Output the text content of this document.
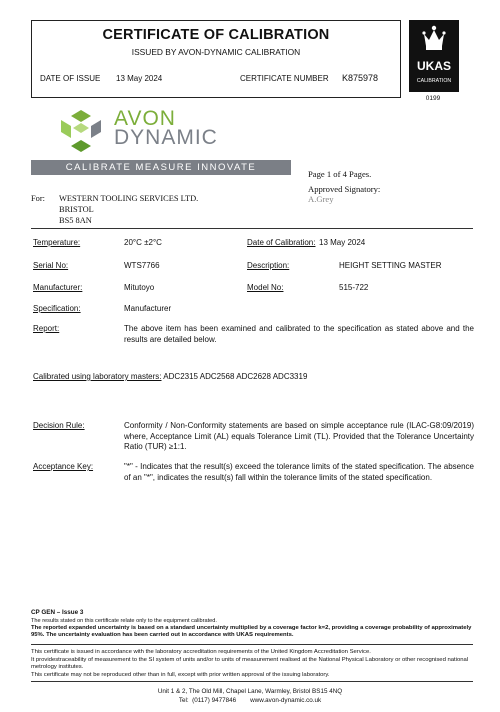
CERTIFICATE OF CALIBRATION
ISSUED BY AVON-DYNAMIC CALIBRATION
DATE OF ISSUE 13 May 2024	CERTIFICATE NUMBER K875978
UKAS
CALIBRATION
0199
AVON
DYNAMIC
CALIBRATE MEASURE INNOVATE
Page 1 of 4 Pages.
Approved Signatory:
A.Grey
For: WESTERN TOOLING SERVICES LTD.
BRISTOL
BS5 8AN
Temperature:	20°C ±2°C	Date of Calibration: 13 May 2024
Serial No:	WTS7766	Description:	HEIGHT SETTING MASTER
Manufacturer:	Mitutoyo	Model No:	515-722
Specification:	Manufacturer
Report:	The above item has been examined and calibrated to the specification as stated above and the results are detailed below.
Calibrated using laboratory masters: ADC2315 ADC2568 ADC2628 ADC3319
Decision Rule:	Conformity / Non-Conformity statements are based on simple acceptance rule (ILAC-G8:09/2019) where, Acceptance Limit (AL) equals Tolerance Limit (TL). Provided that the Tolerance Uncertainty Ratio (TUR) ≥1:1.
Acceptance Key:	"*" - Indicates that the result(s) exceed the tolerance limits of the stated specification. The absence of an "*", indicates the result(s) fall within the tolerance limits of the stated specification.
CP GEN – Issue 3
The results stated on this certificate relate only to the equipment calibrated.
The reported expanded uncertainty is based on a standard uncertainty multiplied by a coverage factor k=2, providing a coverage probability of approximately 95%. The uncertainty evaluation has been carried out in accordance with UKAS requirements.
This certificate is issued in accordance with the laboratory accreditation requirements of the United Kingdom Accreditation Service.
It providestraceability of measurement to the SI system of units and/or to units of measurement realised at the National Physical Laboratory or other recognised national metrology institutes.
This certificate may not be reproduced other than in full, except with prior written approval of the issuing laboratory.
Unit 1 & 2, The Old Mill, Chapel Lane, Warmley, Bristol BS15 4NQ
Tel:  (0117) 9477846        www.avon-dynamic.co.uk
